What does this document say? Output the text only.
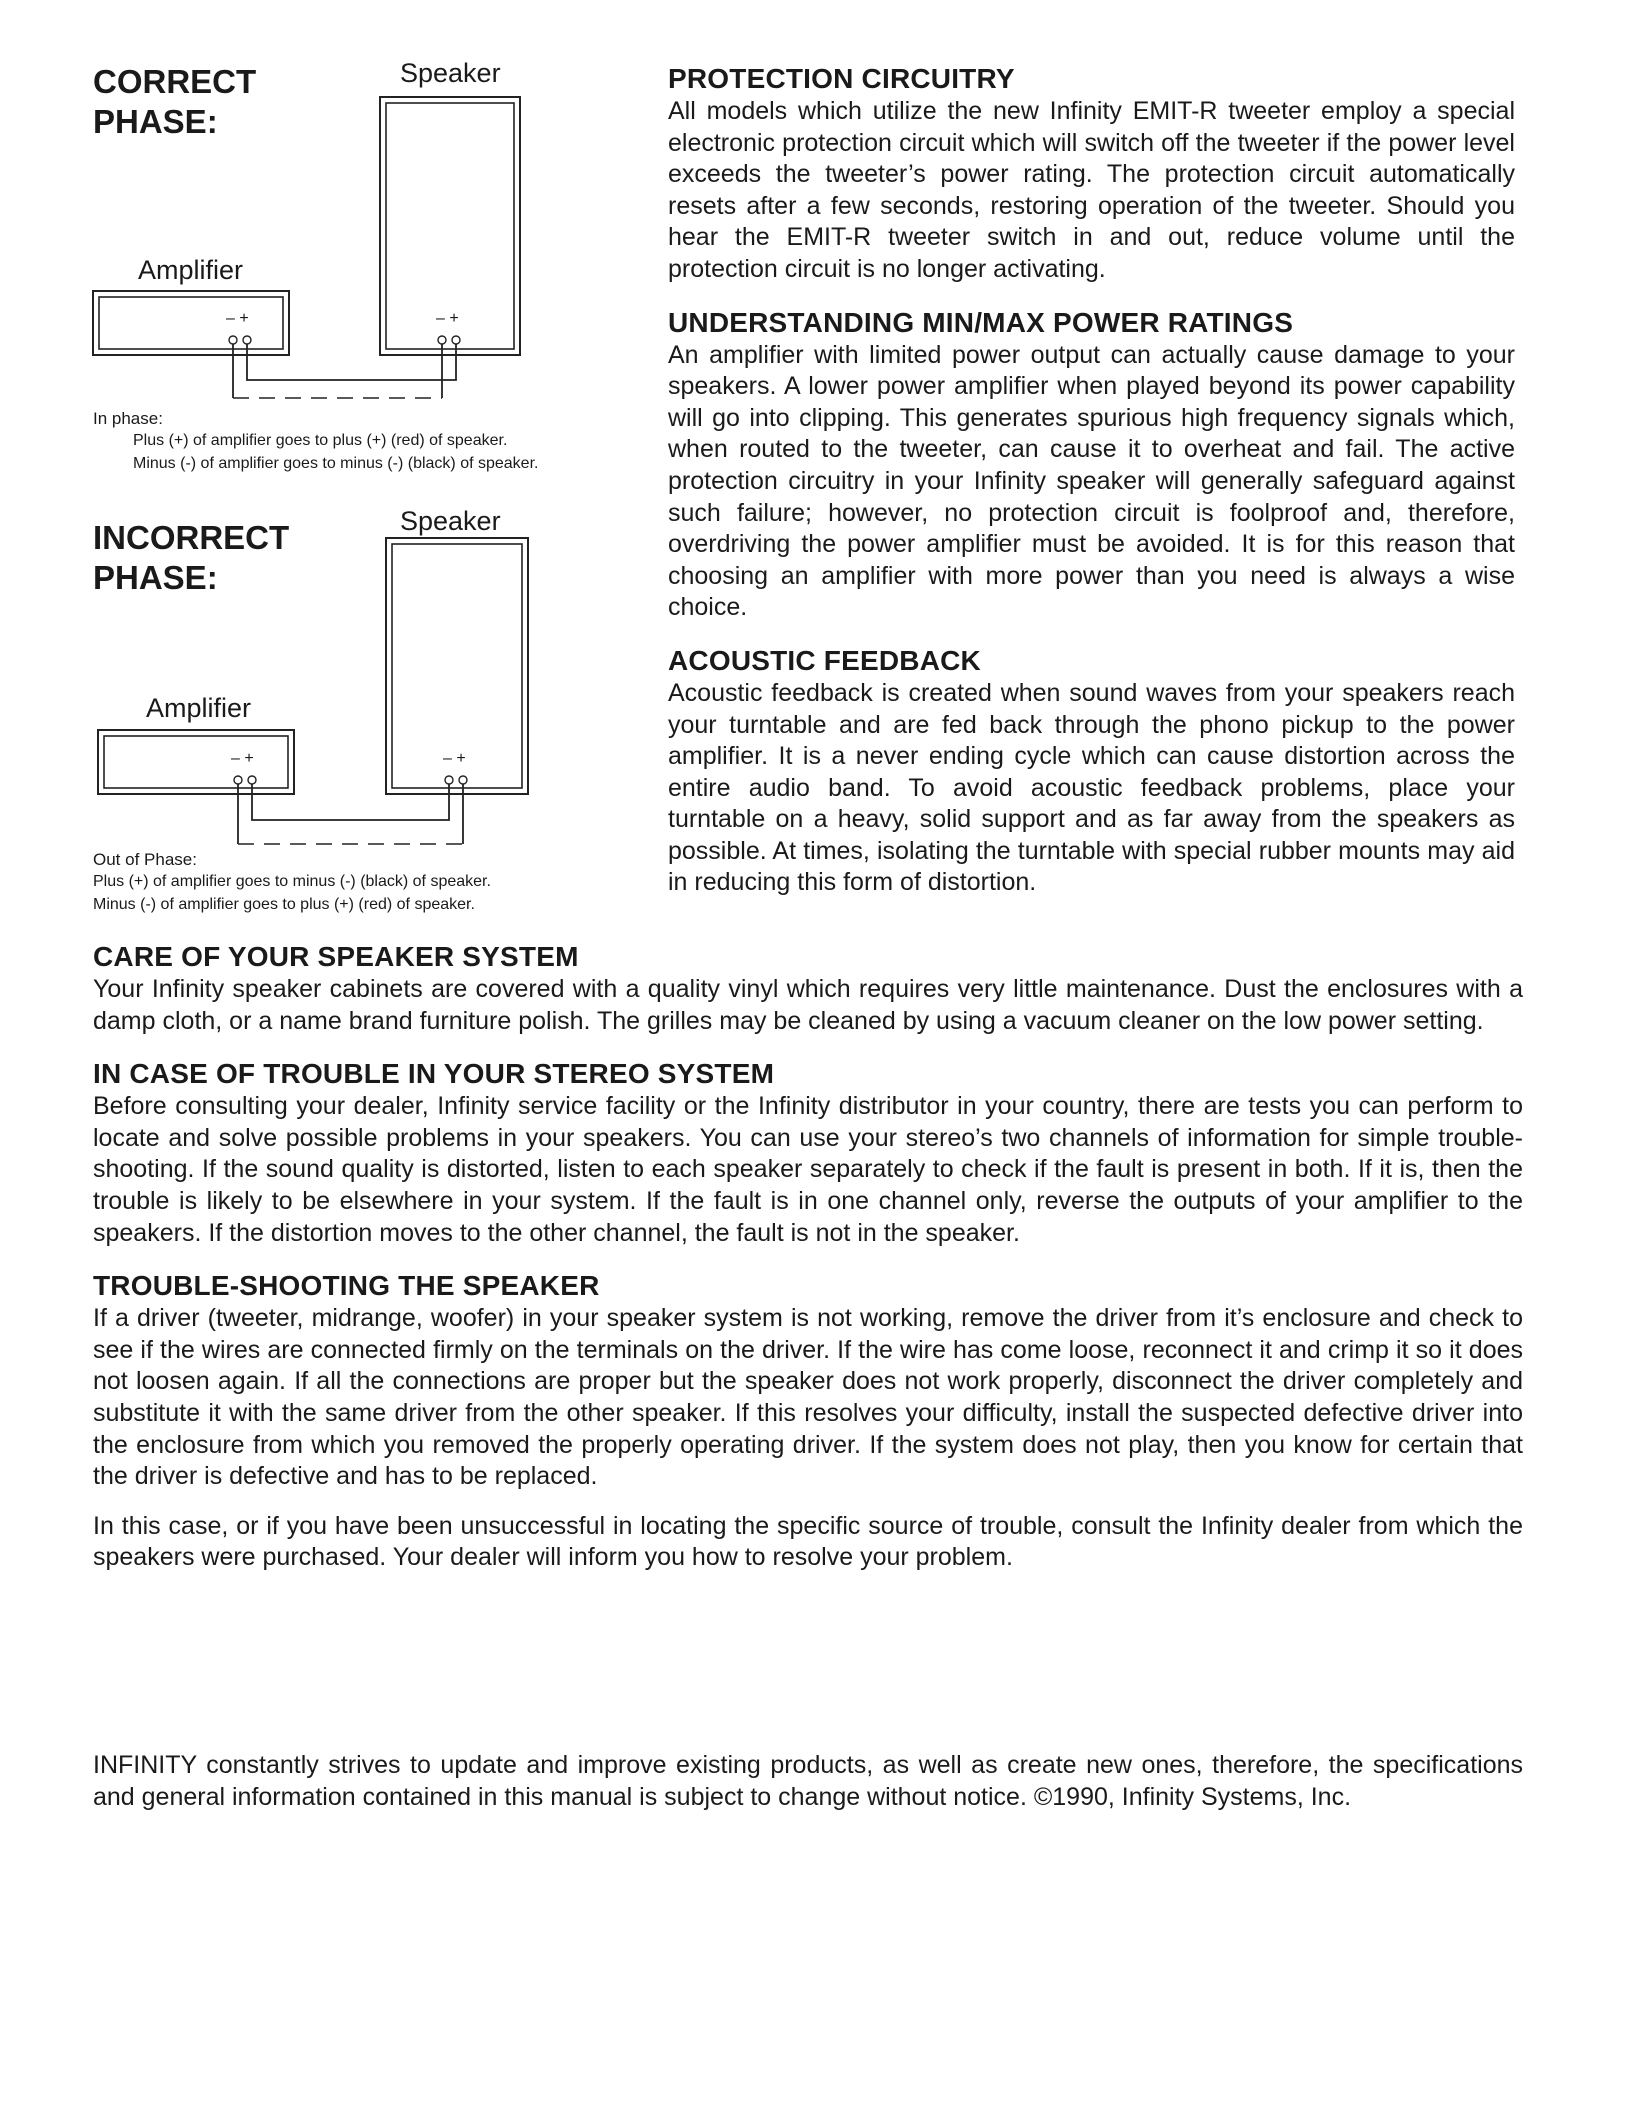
CORRECT
PHASE:
Speaker
Amplifier
– +	– +
In phase:
Plus (+) of amplifier goes to plus (+) (red) of speaker.
Minus (-) of amplifier goes to minus (-) (black) of speaker.
INCORRECT
PHASE:
Speaker
Amplifier
– +	– +
Out of Phase:
Plus (+) of amplifier goes to minus (-) (black) of speaker.
Minus (-) of amplifier goes to plus (+) (red) of speaker.
PROTECTION CIRCUITRY

All models which utilize the new Infinity EMIT-R tweeter employ a special electronic protection circuit which will switch off the tweeter if the power level exceeds the tweeter’s power rating. The protection circuit automatically resets after a few seconds, restoring operation of the tweeter. Should you hear the EMIT-R tweeter switch in and out, reduce volume until the protection circuit is no longer activating.

UNDERSTANDING MIN/MAX POWER RATINGS

An amplifier with limited power output can actually cause damage to your speakers. A lower power amplifier when played beyond its power capability will go into clipping. This generates spurious high frequency signals which, when routed to the tweeter, can cause it to overheat and fail. The active protection circuitry in your Infinity speaker will generally safeguard against such failure; however, no protection circuit is foolproof and, therefore, overdriving the power amplifier must be avoided. It is for this reason that choosing an amplifier with more power than you need is always a wise choice.

ACOUSTIC FEEDBACK

Acoustic feedback is created when sound waves from your speakers reach your turntable and are fed back through the phono pickup to the power amplifier. It is a never ending cycle which can cause distortion across the entire audio band. To avoid acoustic feedback problems, place your turntable on a heavy, solid support and as far away from the speakers as possible. At times, isolating the turntable with special rubber mounts may aid in reducing this form of distortion.

CARE OF YOUR SPEAKER SYSTEM

Your Infinity speaker cabinets are covered with a quality vinyl which requires very little maintenance. Dust the enclosures with a damp cloth, or a name brand furniture polish. The grilles may be cleaned by using a vacuum cleaner on the low power setting.

IN CASE OF TROUBLE IN YOUR STEREO SYSTEM

Before consulting your dealer, Infinity service facility or the Infinity distributor in your country, there are tests you can perform to locate and solve possible problems in your speakers. You can use your stereo’s two channels of information for simple trouble-shooting. If the sound quality is distorted, listen to each speaker separately to check if the fault is present in both. If it is, then the trouble is likely to be elsewhere in your system. If the fault is in one channel only, reverse the outputs of your amplifier to the speakers. If the distortion moves to the other channel, the fault is not in the speaker.

TROUBLE-SHOOTING THE SPEAKER

If a driver (tweeter, midrange, woofer) in your speaker system is not working, remove the driver from it’s enclosure and check to see if the wires are connected firmly on the terminals on the driver. If the wire has come loose, reconnect it and crimp it so it does not loosen again. If all the connections are proper but the speaker does not work properly, disconnect the driver completely and substitute it with the same driver from the other speaker. If this resolves your difficulty, install the suspected defective driver into the enclosure from which you removed the properly operating driver. If the system does not play, then you know for certain that the driver is defective and has to be replaced.

In this case, or if you have been unsuccessful in locating the specific source of trouble, consult the Infinity dealer from which the speakers were purchased. Your dealer will inform you how to resolve your problem.

INFINITY constantly strives to update and improve existing products, as well as create new ones, therefore, the specifications and general information contained in this manual is subject to change without notice. ©1990, Infinity Systems, Inc.
